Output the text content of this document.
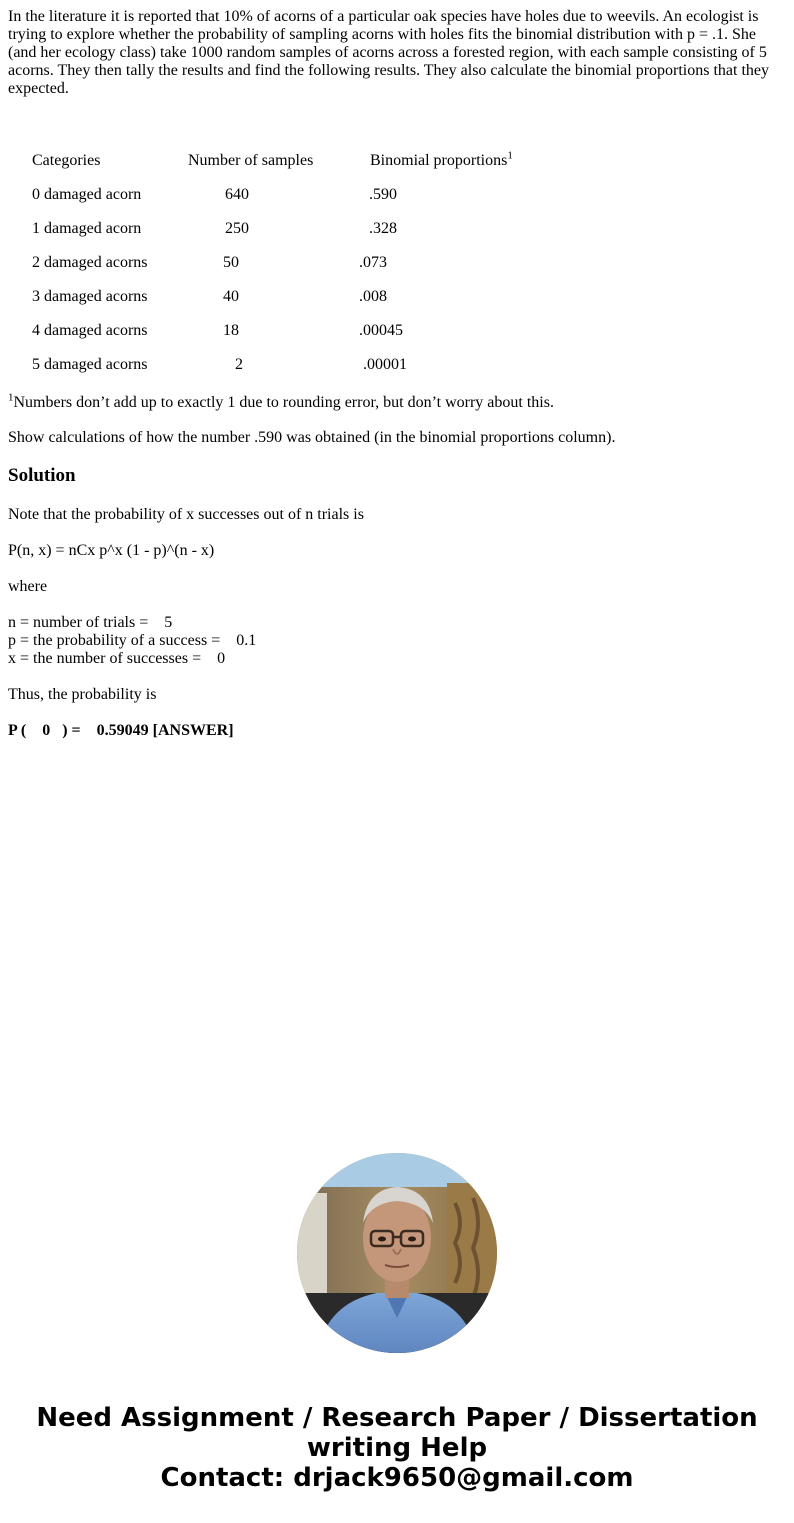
In the literature it is reported that 10% of acorns of a particular oak species have holes due to weevils. An ecologist is trying to explore whether the probability of sampling acorns with holes fits the binomial distribution with p = .1. She (and her ecology class) take 1000 random samples of acorns across a forested region, with each sample consisting of 5 acorns. They then tally the results and find the following results. They also calculate the binomial proportions that they expected.
Categories	Number of samples	Binomial proportions$^1$
0 damaged acorn	640	.590
1 damaged acorn	250	.328
2 damaged acorns	50	.073
3 damaged acorns	40	.008
4 damaged acorns	18	.00045
5 damaged acorns	2	.00001
$^1$Numbers don’t add up to exactly 1 due to rounding error, but don’t worry about this.
Show calculations of how the number .590 was obtained (in the binomial proportions column).
Solution
Note that the probability of x successes out of n trials is
P(n, x) = nCx p^x (1 - p)^(n - x)
where
n = number of trials =    5
p = the probability of a success =    0.1
x = the number of successes =    0
Thus, the probability is
P (    0   ) =    0.59049 [ANSWER]
Need Assignment / Research Paper / Dissertation
writing Help
Contact: drjack9650@gmail.com
